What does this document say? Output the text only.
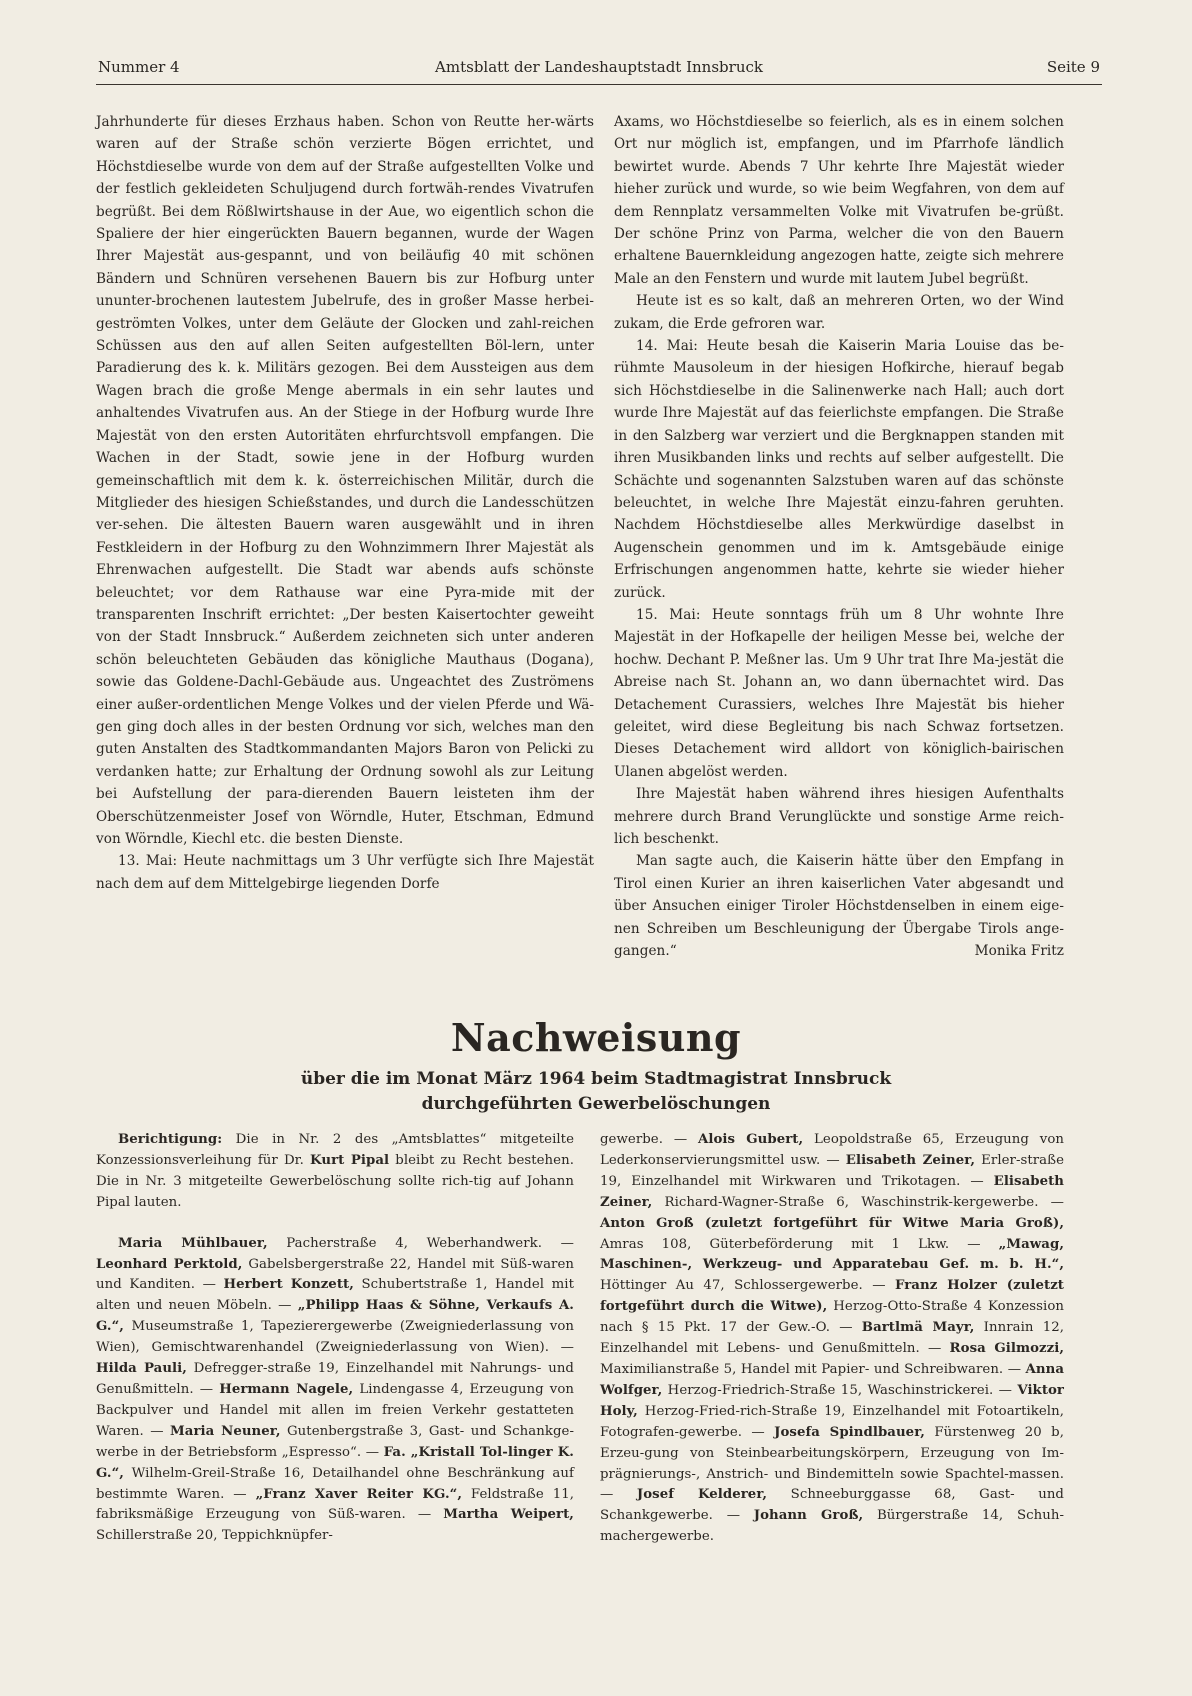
Nummer 4	Amtsblatt der Landeshauptstadt Innsbruck	Seite 9

Jahrhunderte für dieses Erzhaus haben. Schon von Reutte her-wärts waren auf der Straße schön verzierte Bögen errichtet, und Höchstdieselbe wurde von dem auf der Straße aufgestellten Volke und der festlich gekleideten Schuljugend durch fortwäh-rendes Vivatrufen begrüßt. Bei dem Rößlwirtshause in der Aue, wo eigentlich schon die Spaliere der hier eingerückten Bauern begannen, wurde der Wagen Ihrer Majestät aus-gespannt, und von beiläufig 40 mit schönen Bändern und Schnüren versehenen Bauern bis zur Hofburg unter ununter-brochenen lautestem Jubelrufe, des in großer Masse herbei-geströmten Volkes, unter dem Geläute der Glocken und zahl-reichen Schüssen aus den auf allen Seiten aufgestellten Böl-lern, unter Paradierung des k. k. Militärs gezogen. Bei dem Aussteigen aus dem Wagen brach die große Menge abermals in ein sehr lautes und anhaltendes Vivatrufen aus. An der Stiege in der Hofburg wurde Ihre Majestät von den ersten Autoritäten ehrfurchtsvoll empfangen. Die Wachen in der Stadt, sowie jene in der Hofburg wurden gemeinschaftlich mit dem k. k. österreichischen Militär, durch die Mitglieder des hiesigen Schießstandes, und durch die Landesschützen ver-sehen. Die ältesten Bauern waren ausgewählt und in ihren Festkleidern in der Hofburg zu den Wohnzimmern Ihrer Majestät als Ehrenwachen aufgestellt. Die Stadt war abends aufs schönste beleuchtet; vor dem Rathause war eine Pyra-mide mit der transparenten Inschrift errichtet: „Der besten Kaisertochter geweiht von der Stadt Innsbruck.“ Außerdem zeichneten sich unter anderen schön beleuchteten Gebäuden das königliche Mauthaus (Dogana), sowie das Goldene-Dachl-Gebäude aus. Ungeachtet des Zuströmens einer außer-ordentlichen Menge Volkes und der vielen Pferde und Wä-gen ging doch alles in der besten Ordnung vor sich, welches man den guten Anstalten des Stadtkommandanten Majors Baron von Pelicki zu verdanken hatte; zur Erhaltung der Ordnung sowohl als zur Leitung bei Aufstellung der para-dierenden Bauern leisteten ihm der Oberschützenmeister Josef von Wörndle, Huter, Etschman, Edmund von Wörndle, Kiechl etc. die besten Dienste.

13. Mai: Heute nachmittags um 3 Uhr verfügte sich Ihre Majestät nach dem auf dem Mittelgebirge liegenden Dorfe

Axams, wo Höchstdieselbe so feierlich, als es in einem solchen Ort nur möglich ist, empfangen, und im Pfarrhofe ländlich bewirtet wurde. Abends 7 Uhr kehrte Ihre Majestät wieder hieher zurück und wurde, so wie beim Wegfahren, von dem auf dem Rennplatz versammelten Volke mit Vivatrufen be-grüßt. Der schöne Prinz von Parma, welcher die von den Bauern erhaltene Bauernkleidung angezogen hatte, zeigte sich mehrere Male an den Fenstern und wurde mit lautem Jubel begrüßt.

Heute ist es so kalt, daß an mehreren Orten, wo der Wind zukam, die Erde gefroren war.

14. Mai: Heute besah die Kaiserin Maria Louise das be-rühmte Mausoleum in der hiesigen Hofkirche, hierauf begab sich Höchstdieselbe in die Salinenwerke nach Hall; auch dort wurde Ihre Majestät auf das feierlichste empfangen. Die Straße in den Salzberg war verziert und die Bergknappen standen mit ihren Musikbanden links und rechts auf selber aufgestellt. Die Schächte und sogenannten Salzstuben waren auf das schönste beleuchtet, in welche Ihre Majestät einzu-fahren geruhten. Nachdem Höchstdieselbe alles Merkwürdige daselbst in Augenschein genommen und im k. Amtsgebäude einige Erfrischungen angenommen hatte, kehrte sie wieder hieher zurück.

15. Mai: Heute sonntags früh um 8 Uhr wohnte Ihre Majestät in der Hofkapelle der heiligen Messe bei, welche der hochw. Dechant P. Meßner las. Um 9 Uhr trat Ihre Ma-jestät die Abreise nach St. Johann an, wo dann übernachtet wird. Das Detachement Curassiers, welches Ihre Majestät bis hieher geleitet, wird diese Begleitung bis nach Schwaz fortsetzen. Dieses Detachement wird alldort von königlich-bairischen Ulanen abgelöst werden.

Ihre Majestät haben während ihres hiesigen Aufenthalts mehrere durch Brand Verunglückte und sonstige Arme reich-lich beschenkt.

Man sagte auch, die Kaiserin hätte über den Empfang in Tirol einen Kurier an ihren kaiserlichen Vater abgesandt und über Ansuchen einiger Tiroler Höchstdenselben in einem eige-nen Schreiben um Beschleunigung der Übergabe Tirols ange-gangen.“	Monika Fritz
Nachweisung
über die im Monat März 1964 beim Stadtmagistrat Innsbruck
durchgeführten Gewerbelöschungen

Berichtigung: Die in Nr. 2 des „Amtsblattes“ mitgeteilte Konzessionsverleihung für Dr. Kurt Pipal bleibt zu Recht bestehen. Die in Nr. 3 mitgeteilte Gewerbelöschung sollte rich-tig auf Johann Pipal lauten.

Maria Mühlbauer, Pacherstraße 4, Weberhandwerk. — Leonhard Perktold, Gabelsbergerstraße 22, Handel mit Süß-waren und Kanditen. — Herbert Konzett, Schubertstraße 1, Handel mit alten und neuen Möbeln. — „Philipp Haas & Söhne, Verkaufs A. G.“, Museumstraße 1, Tapezierergewerbe (Zweigniederlassung von Wien), Gemischtwarenhandel (Zweigniederlassung von Wien). — Hilda Pauli, Defregger-straße 19, Einzelhandel mit Nahrungs- und Genußmitteln. — Hermann Nagele, Lindengasse 4, Erzeugung von Backpulver und Handel mit allen im freien Verkehr gestatteten Waren. — Maria Neuner, Gutenbergstraße 3, Gast- und Schankge-werbe in der Betriebsform „Espresso“. — Fa. „Kristall Tol-linger K. G.“, Wilhelm-Greil-Straße 16, Detailhandel ohne Beschränkung auf bestimmte Waren. — „Franz Xaver Reiter KG.“, Feldstraße 11, fabriksmäßige Erzeugung von Süß-waren. — Martha Weipert, Schillerstraße 20, Teppichknüpfer-

gewerbe. — Alois Gubert, Leopoldstraße 65, Erzeugung von Lederkonservierungsmittel usw. — Elisabeth Zeiner, Erler-straße 19, Einzelhandel mit Wirkwaren und Trikotagen. — Elisabeth Zeiner, Richard-Wagner-Straße 6, Waschinstrik-kergewerbe. — Anton Groß (zuletzt fortgeführt für Witwe Maria Groß), Amras 108, Güterbeförderung mit 1 Lkw. — „Mawag, Maschinen-, Werkzeug- und Apparatebau Gef. m. b. H.“, Höttinger Au 47, Schlossergewerbe. — Franz Holzer (zuletzt fortgeführt durch die Witwe), Herzog-Otto-Straße 4 Konzession nach § 15 Pkt. 17 der Gew.-O. — Bartlmä Mayr, Innrain 12, Einzelhandel mit Lebens- und Genußmitteln. — Rosa Gilmozzi, Maximilianstraße 5, Handel mit Papier- und Schreibwaren. — Anna Wolfger, Herzog-Friedrich-Straße 15, Waschinstrickerei. — Viktor Holy, Herzog-Fried-rich-Straße 19, Einzelhandel mit Fotoartikeln, Fotografen-gewerbe. — Josefa Spindlbauer, Fürstenweg 20 b, Erzeu-gung von Steinbearbeitungskörpern, Erzeugung von Im-prägnierungs-, Anstrich- und Bindemitteln sowie Spachtel-massen. — Josef Kelderer, Schneeburggasse 68, Gast- und Schankgewerbe. — Johann Groß, Bürgerstraße 14, Schuh-machergewerbe.
